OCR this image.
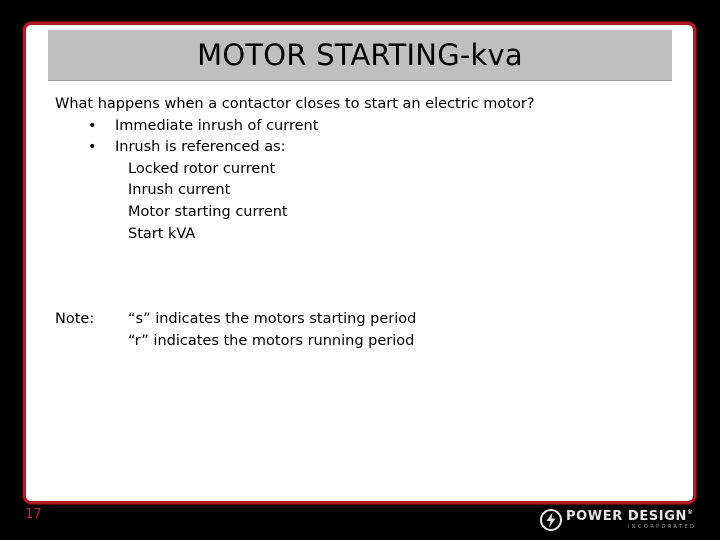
MOTOR STARTING-kva
What happens when a contactor closes to start an electric motor?
• Immediate inrush of current
• Inrush is referenced as:
Locked rotor current
Inrush current
Motor starting current
Start kVA
Note: “s” indicates the motors starting period
“r” indicates the motors running period
17	POWER DESIGN®
INCORPORATED
